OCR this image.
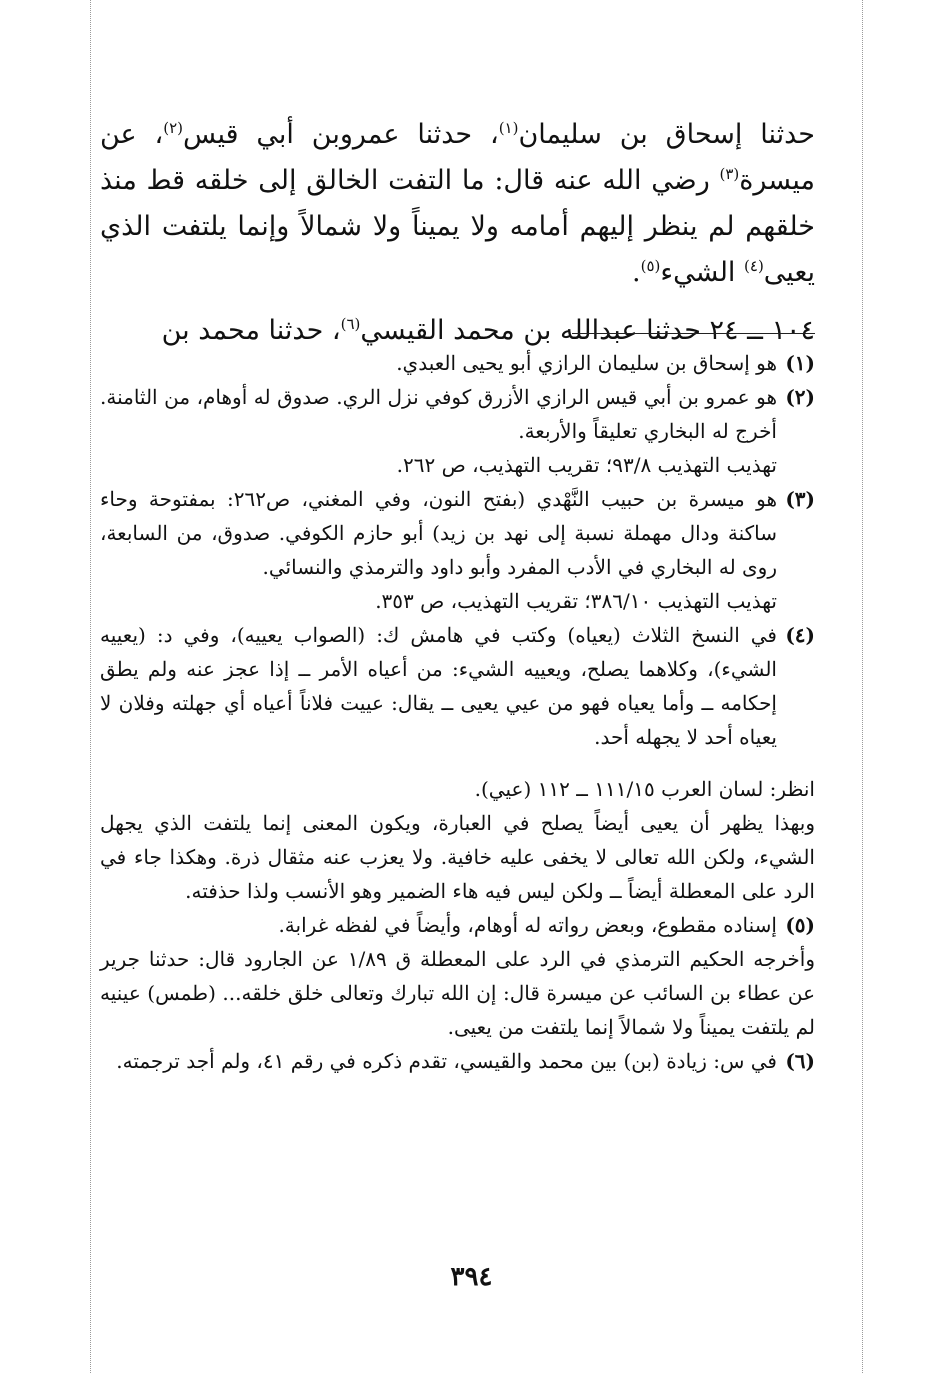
حدثنا إسحاق بن سليمان$^{(١)}$، حدثنا عمروبن أبي قيس$^{(٢)}$، عن ميسرة$^{(٣)}$ رضي الله عنه قال: ما التفت الخالق إلى خلقه قط منذ خلقهم لم ينظر إليهم أمامه ولا يميناً ولا شمالاً وإنما يلتفت الذي يعيى$^{(٤)}$ الشيء$^{(٥)}$.

١٠٤ ــ ٢٤ حدثنا عبدالله بن محمد القيسي$^{(٦)}$، حدثنا محمد بن

(١)
هو إسحاق بن سليمان الرازي أبو يحيى العبدي.
(٢)
هو عمرو بن أبي قيس الرازي الأزرق كوفي نزل الري. صدوق له أوهام، من الثامنة. أخرج له البخاري تعليقاً والأربعة.
تهذيب التهذيب ٩٣/٨؛ تقريب التهذيب، ص ٢٦٢.
(٣)
هو ميسرة بن حبيب النَّهْدي (بفتح النون، وفي المغني، ص٢٦٢: بمفتوحة وحاء ساكنة ودال مهملة نسبة إلى نهد بن زيد) أبو حازم الكوفي. صدوق، من السابعة، روى له البخاري في الأدب المفرد وأبو داود والترمذي والنسائي.
تهذيب التهذيب ٣٨٦/١٠؛ تقريب التهذيب، ص ٣٥٣.
(٤)
في النسخ الثلاث (يعياه) وكتب في هامش ك: (الصواب يعييه)، وفي د: (يعييه الشيء)، وكلاهما يصلح، ويعييه الشيء: من أعياه الأمر ــ إذا عجز عنه ولم يطق إحكامه ــ وأما يعياه فهو من عيي يعيى ــ يقال: عييت فلاناً أعياه أي جهلته وفلان لا يعياه أحد لا يجهله أحد.
انظر: لسان العرب ١١١/١٥ ــ ١١٢ (عيي).
وبهذا يظهر أن يعيى أيضاً يصلح في العبارة، ويكون المعنى إنما يلتفت الذي يجهل الشيء، ولكن الله تعالى لا يخفى عليه خافية. ولا يعزب عنه مثقال ذرة. وهكذا جاء في الرد على المعطلة أيضاً ــ ولكن ليس فيه هاء الضمير وهو الأنسب ولذا حذفته.
(٥)
إسناده مقطوع، وبعض رواته له أوهام، وأيضاً في لفظه غرابة.
وأخرجه الحكيم الترمذي في الرد على المعطلة ق ١/٨٩ عن الجارود قال: حدثنا جرير عن عطاء بن السائب عن ميسرة قال: إن الله تبارك وتعالى خلق خلقه... (طمس) عينيه لم يلتفت يميناً ولا شمالاً إنما يلتفت من يعيى.
(٦)
في س: زيادة (بن) بين محمد والقيسي، تقدم ذكره في رقم ٤١، ولم أجد ترجمته.
٣٩٤
